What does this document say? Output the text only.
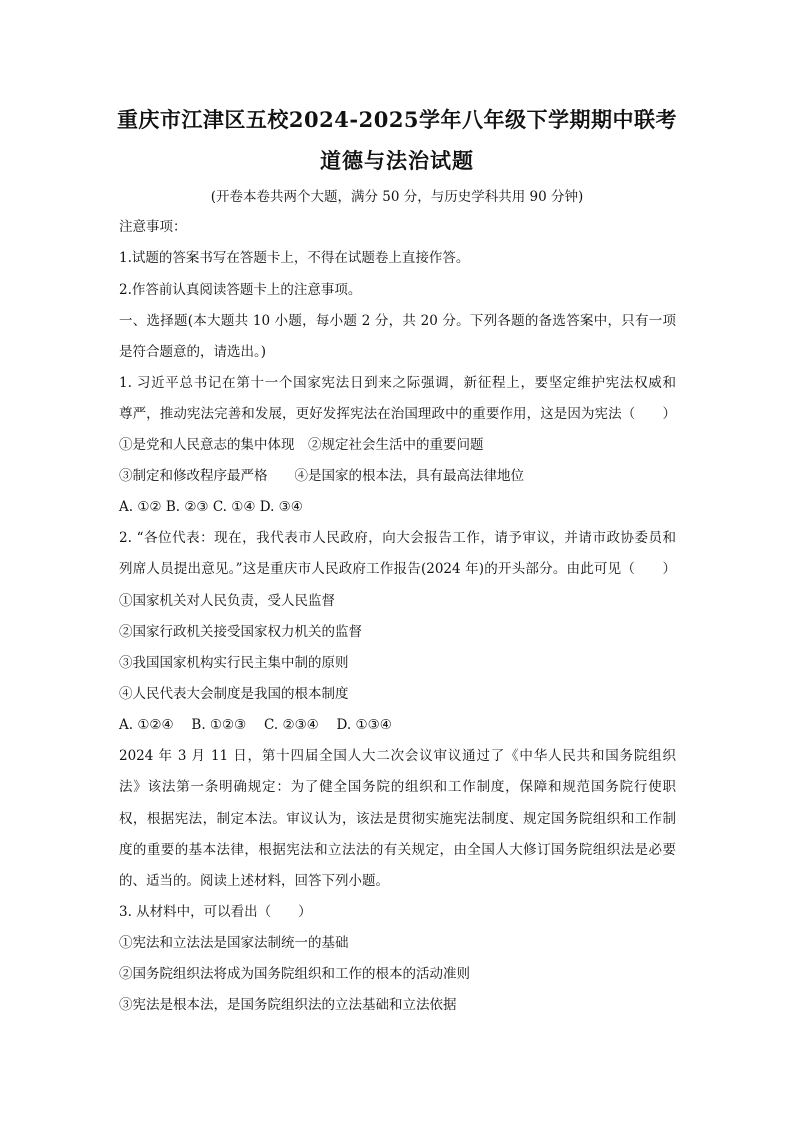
重庆市江津区五校2024-2025学年八年级下学期期中联考
道德与法治试题
(开卷本卷共两个大题，满分 50 分，与历史学科共用 90 分钟)
注意事项：
1.试题的答案书写在答题卡上，不得在试题卷上直接作答。
2.作答前认真阅读答题卡上的注意事项。
一、选择题(本大题共 10 小题，每小题 2 分，共 20 分。下列各题的备选答案中，只有一项
是符合题意的，请选出。)
1. 习近平总书记在第十一个国家宪法日到来之际强调，新征程上，要坚定维护宪法权威和
尊严，推动宪法完善和发展，更好发挥宪法在治国理政中的重要作用，这是因为宪法（　　）
①是党和人民意志的集中体现　②规定社会生活中的重要问题
③制定和修改程序最严格　　④是国家的根本法，具有最高法律地位
A. ①② B. ②③ C. ①④ D. ③④
2. “各位代表：现在，我代表市人民政府，向大会报告工作，请予审议，并请市政协委员和
列席人员提出意见。”这是重庆市人民政府工作报告(2024 年)的开头部分。由此可见（　　）
①国家机关对人民负责，受人民监督
②国家行政机关接受国家权力机关的监督
③我国国家机构实行民主集中制的原则
④人民代表大会制度是我国的根本制度
A. ①②④　 B. ①②③　 C. ②③④　 D. ①③④
2024 年 3 月 11 日，第十四届全国人大二次会议审议通过了《中华人民共和国务院组织
法》该法第一条明确规定：为了健全国务院的组织和工作制度，保障和规范国务院行使职
权，根据宪法，制定本法。审议认为，该法是贯彻实施宪法制度、规定国务院组织和工作制
度的重要的基本法律，根据宪法和立法法的有关规定，由全国人大修订国务院组织法是必要
的、适当的。阅读上述材料，回答下列小题。
3. 从材料中，可以看出（　　）
①宪法和立法法是国家法制统一的基础
②国务院组织法将成为国务院组织和工作的根本的活动准则
③宪法是根本法，是国务院组织法的立法基础和立法依据
